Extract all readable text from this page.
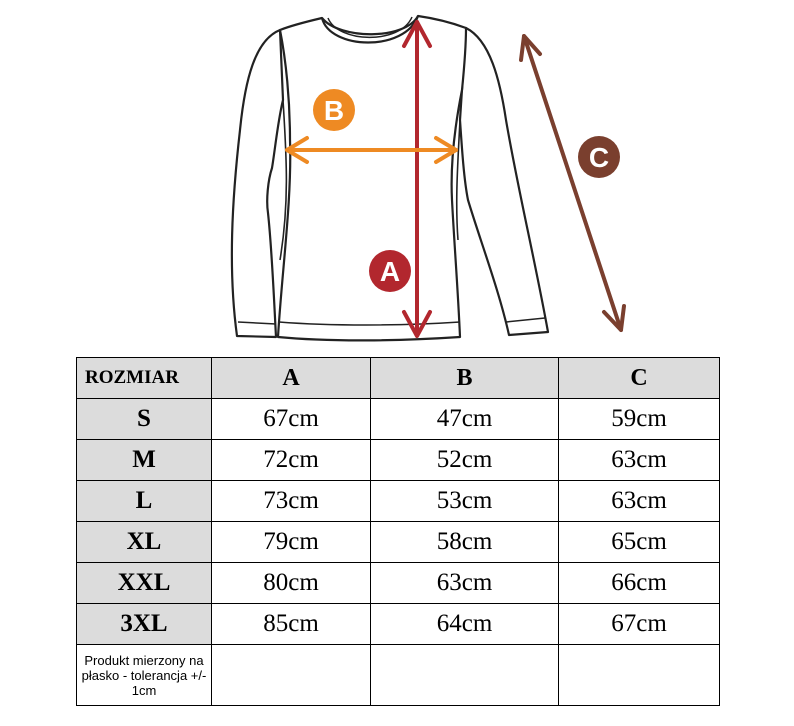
B
A
C
ROZMIAR	A	B	C
S	67cm	47cm	59cm
M	72cm	52cm	63cm
L	73cm	53cm	63cm
XL	79cm	58cm	65cm
XXL	80cm	63cm	66cm
3XL	85cm	64cm	67cm
Produkt mierzony na płasko - tolerancja +/- 1cm			
